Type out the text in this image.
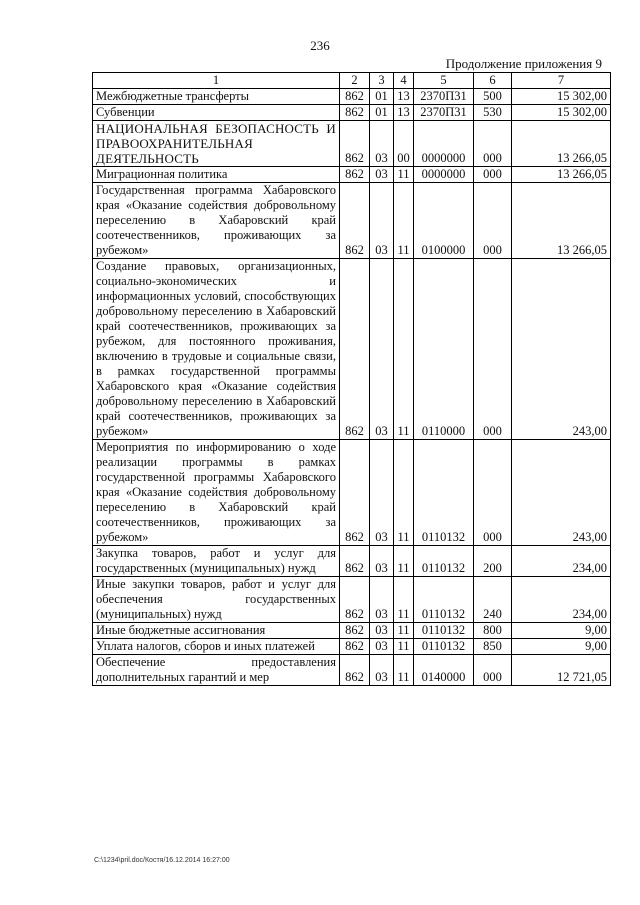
236
Продолжение приложения 9
1	2	3	4	5	6	7
Межбюджетные трансферты	862	01	13	2370П31	500	15 302,00
Субвенции	862	01	13	2370П31	530	15 302,00
НАЦИОНАЛЬНАЯ БЕЗОПАСНОСТЬ И ПРАВООХРАНИТЕЛЬНАЯ ДЕЯТЕЛЬНОСТЬ	862	03	00	0000000	000	13 266,05
Миграционная политика	862	03	11	0000000	000	13 266,05
Государственная программа Хабаровского края «Оказание содействия добровольному переселению в Хабаровский край соотечественников, проживающих за рубежом»	862	03	11	0100000	000	13 266,05
Создание правовых, организационных, социально-экономических и информационных условий, способствующих добровольному переселению в Хабаровский край соотечественников, проживающих за рубежом, для постоянного проживания, включению в трудовые и социальные связи, в рамках государственной программы Хабаровского края «Оказание содействия добровольному переселению в Хабаровский край соотечественников, проживающих за рубежом»	862	03	11	0110000	000	243,00
Мероприятия по информированию о ходе реализации программы в рамках государственной программы Хабаровского края «Оказание содействия добровольному переселению в Хабаровский край соотечественников, проживающих за рубежом»	862	03	11	0110132	000	243,00
Закупка товаров, работ и услуг для государственных (муниципальных) нужд	862	03	11	0110132	200	234,00
Иные закупки товаров, работ и услуг для обеспечения государственных (муниципальных) нужд	862	03	11	0110132	240	234,00
Иные бюджетные ассигнования	862	03	11	0110132	800	9,00
Уплата налогов, сборов и иных платежей	862	03	11	0110132	850	9,00
Обеспечение предоставления дополнительных гарантий и мер	862	03	11	0140000	000	12 721,05
C:\1234\pril.doc/Костя/16.12.2014 16:27:00
